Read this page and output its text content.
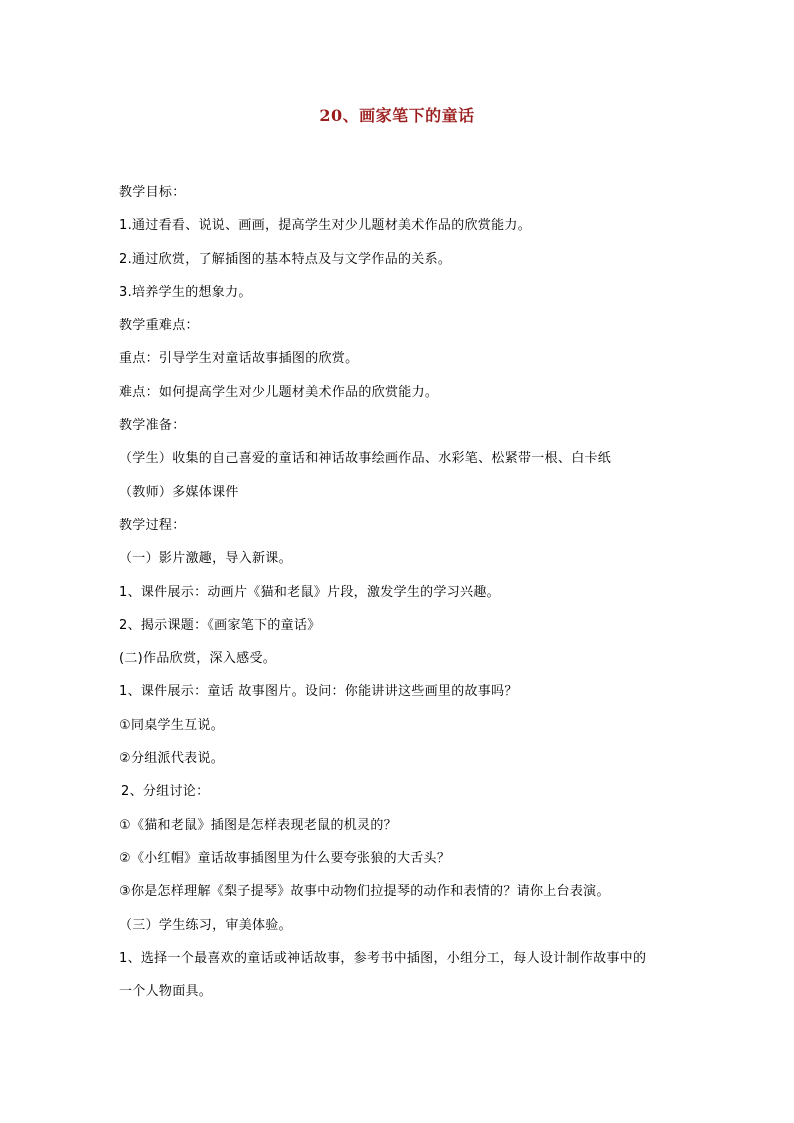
20、画家笔下的童话
教学目标：
1.通过看看、说说、画画，提高学生对少儿题材美术作品的欣赏能力。
2.通过欣赏，了解插图的基本特点及与文学作品的关系。
3.培养学生的想象力。
教学重难点：
重点：引导学生对童话故事插图的欣赏。
难点：如何提高学生对少儿题材美术作品的欣赏能力。
教学准备：
（学生）收集的自己喜爱的童话和神话故事绘画作品、水彩笔、松紧带一根、白卡纸
（教师）多媒体课件
教学过程：
（一）影片激趣，导入新课。
1、课件展示：动画片《猫和老鼠》片段，激发学生的学习兴趣。
2、揭示课题：《画家笔下的童话》
(二)作品欣赏，深入感受。
1、课件展示：童话 故事图片。设问：你能讲讲这些画里的故事吗？
①同桌学生互说。
②分组派代表说。
2、分组讨论：
①《猫和老鼠》插图是怎样表现老鼠的机灵的？
②《小红帽》童话故事插图里为什么要夸张狼的大舌头？
③你是怎样理解《梨子提琴》故事中动物们拉提琴的动作和表情的？请你上台表演。
（三）学生练习，审美体验。
1、选择一个最喜欢的童话或神话故事，参考书中插图，小组分工，每人设计制作故事中的
一个人物面具。
